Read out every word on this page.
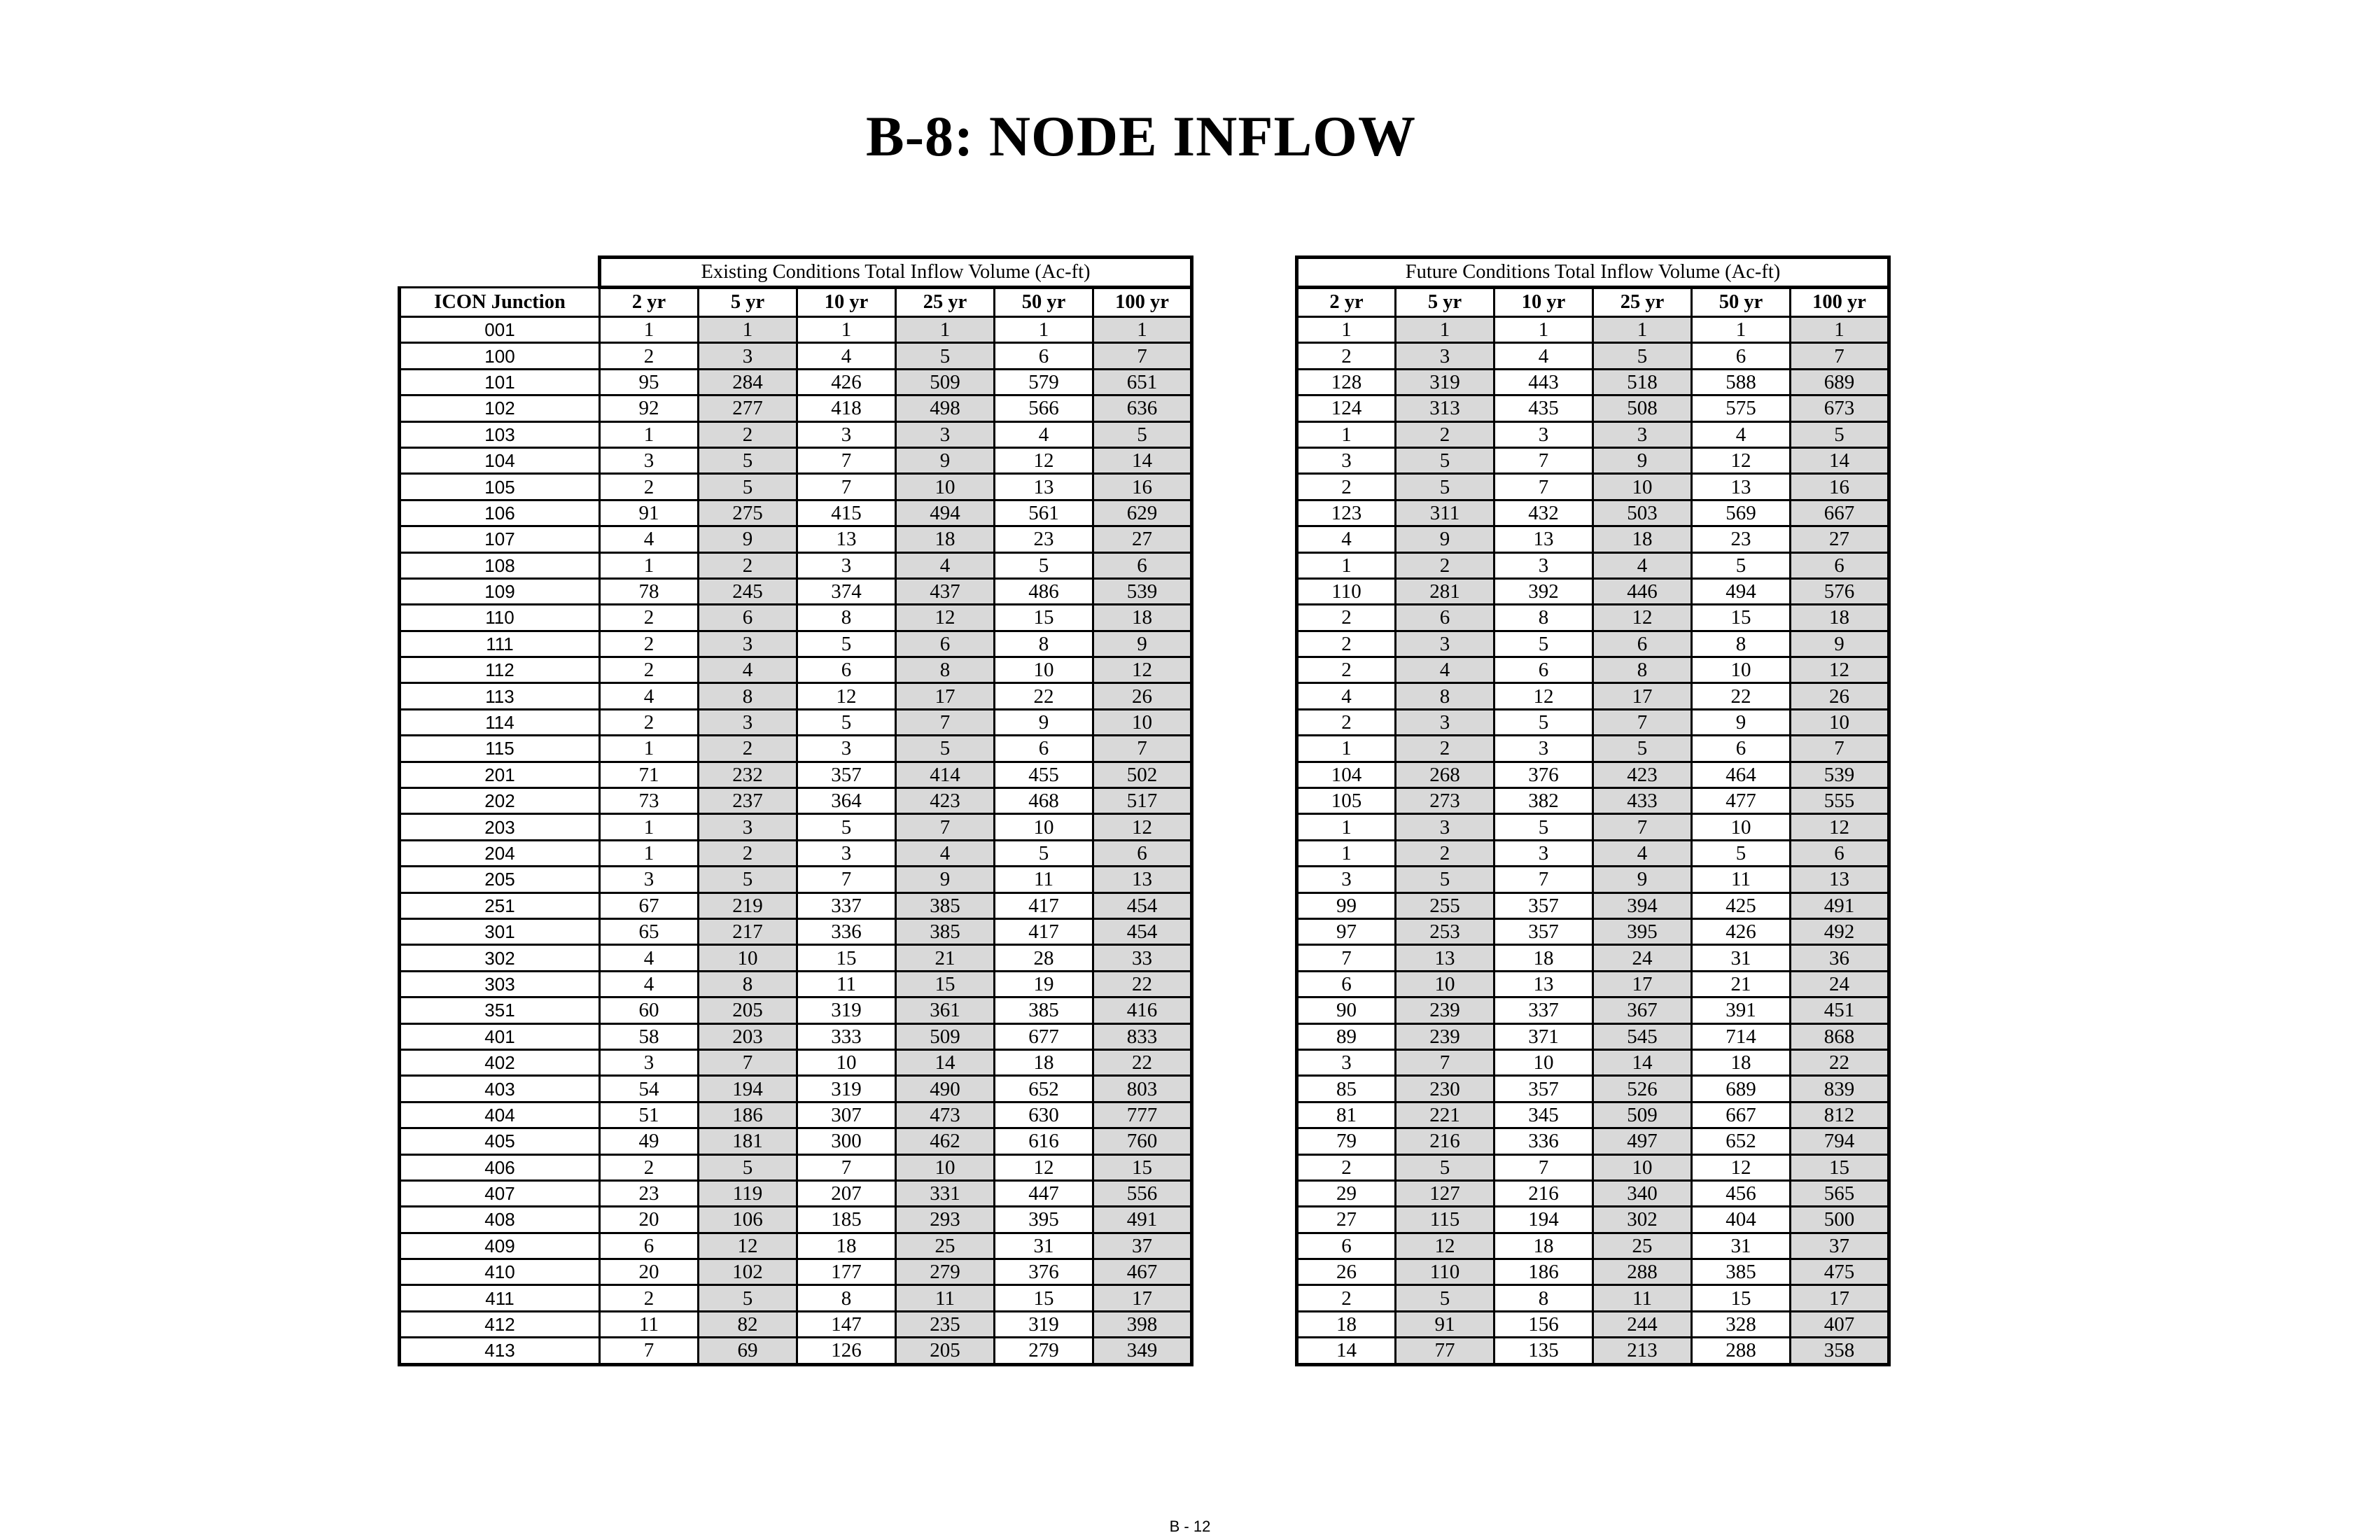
B-8: NODE INFLOW
	Existing Conditions Total Inflow Volume (Ac-ft)					
ICON Junction	2 yr	5 yr	10 yr	25 yr	50 yr	100 yr
001	1	1	1	1	1	1
100	2	3	4	5	6	7
101	95	284	426	509	579	651
102	92	277	418	498	566	636
103	1	2	3	3	4	5
104	3	5	7	9	12	14
105	2	5	7	10	13	16
106	91	275	415	494	561	629
107	4	9	13	18	23	27
108	1	2	3	4	5	6
109	78	245	374	437	486	539
110	2	6	8	12	15	18
111	2	3	5	6	8	9
112	2	4	6	8	10	12
113	4	8	12	17	22	26
114	2	3	5	7	9	10
115	1	2	3	5	6	7
201	71	232	357	414	455	502
202	73	237	364	423	468	517
203	1	3	5	7	10	12
204	1	2	3	4	5	6
205	3	5	7	9	11	13
251	67	219	337	385	417	454
301	65	217	336	385	417	454
302	4	10	15	21	28	33
303	4	8	11	15	19	22
351	60	205	319	361	385	416
401	58	203	333	509	677	833
402	3	7	10	14	18	22
403	54	194	319	490	652	803
404	51	186	307	473	630	777
405	49	181	300	462	616	760
406	2	5	7	10	12	15
407	23	119	207	331	447	556
408	20	106	185	293	395	491
409	6	12	18	25	31	37
410	20	102	177	279	376	467
411	2	5	8	11	15	17
412	11	82	147	235	319	398
413	7	69	126	205	279	349
Future Conditions Total Inflow Volume (Ac-ft)					
2 yr	5 yr	10 yr	25 yr	50 yr	100 yr
1	1	1	1	1	1
2	3	4	5	6	7
128	319	443	518	588	689
124	313	435	508	575	673
1	2	3	3	4	5
3	5	7	9	12	14
2	5	7	10	13	16
123	311	432	503	569	667
4	9	13	18	23	27
1	2	3	4	5	6
110	281	392	446	494	576
2	6	8	12	15	18
2	3	5	6	8	9
2	4	6	8	10	12
4	8	12	17	22	26
2	3	5	7	9	10
1	2	3	5	6	7
104	268	376	423	464	539
105	273	382	433	477	555
1	3	5	7	10	12
1	2	3	4	5	6
3	5	7	9	11	13
99	255	357	394	425	491
97	253	357	395	426	492
7	13	18	24	31	36
6	10	13	17	21	24
90	239	337	367	391	451
89	239	371	545	714	868
3	7	10	14	18	22
85	230	357	526	689	839
81	221	345	509	667	812
79	216	336	497	652	794
2	5	7	10	12	15
29	127	216	340	456	565
27	115	194	302	404	500
6	12	18	25	31	37
26	110	186	288	385	475
2	5	8	11	15	17
18	91	156	244	328	407
14	77	135	213	288	358
B - 12
